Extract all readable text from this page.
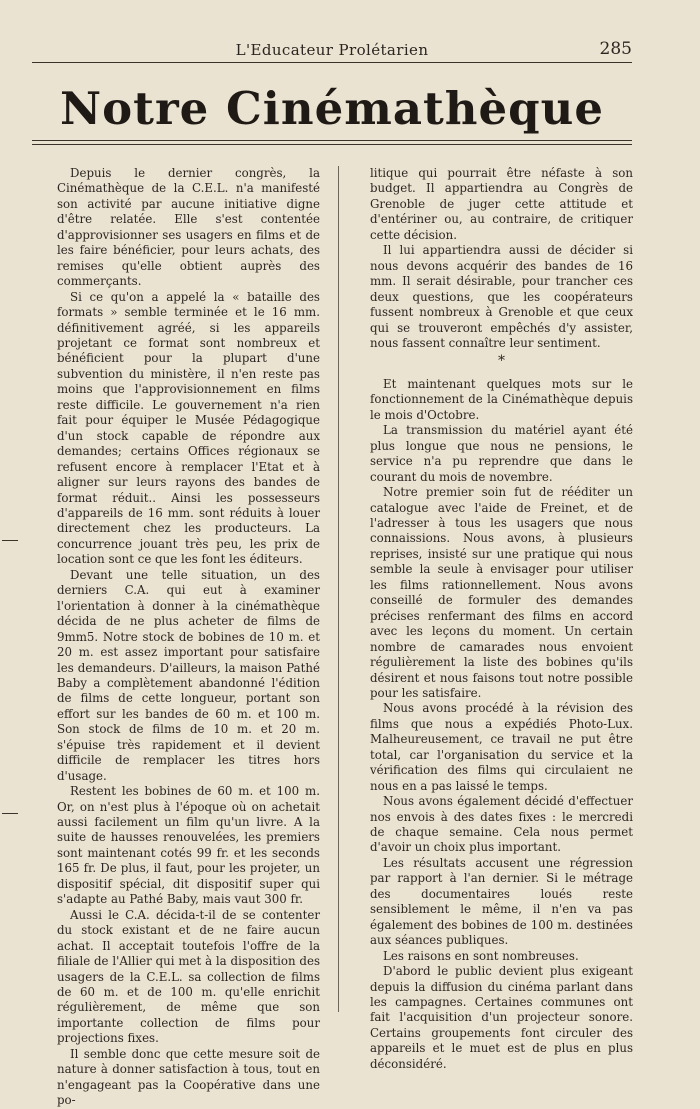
L'Educateur Prolétarien	285
Notre Cinémathèque

Depuis le dernier congrès, la Cinémathèque de la C.E.L. n'a manifesté son activité par aucune initiative digne d'être relatée. Elle s'est contentée d'approvisionner ses usagers en films et de les faire bénéficier, pour leurs achats, des remises qu'elle obtient auprès des commerçants.

Si ce qu'on a appelé la « bataille des formats » semble terminée et le 16 mm. définitivement agréé, si les appareils projetant ce format sont nombreux et bénéficient pour la plupart d'une subvention du ministère, il n'en reste pas moins que l'approvisionnement en films reste difficile. Le gouvernement n'a rien fait pour équiper le Musée Pédagogique d'un stock capable de répondre aux demandes; certains Offices régionaux se refusent encore à remplacer l'Etat et à aligner sur leurs rayons des bandes de format réduit.. Ainsi les possesseurs d'appareils de 16 mm. sont réduits à louer directement chez les producteurs. La concurrence jouant très peu, les prix de location sont ce que les font les éditeurs.

Devant une telle situation, un des derniers C.A. qui eut à examiner l'orientation à donner à la cinémathèque décida de ne plus acheter de films de 9mm5. Notre stock de bobines de 10 m. et 20 m. est assez important pour satisfaire les demandeurs. D'ailleurs, la maison Pathé Baby a complètement abandonné l'édition de films de cette longueur, portant son effort sur les bandes de 60 m. et 100 m. Son stock de films de 10 m. et 20 m. s'épuise très rapidement et il devient difficile de remplacer les titres hors d'usage.

Restent les bobines de 60 m. et 100 m. Or, on n'est plus à l'époque où on achetait aussi facilement un film qu'un livre. A la suite de hausses renouvelées, les premiers sont maintenant cotés 99 fr. et les seconds 165 fr. De plus, il faut, pour les projeter, un dispositif spécial, dit dispositif super qui s'adapte au Pathé Baby, mais vaut 300 fr.

Aussi le C.A. décida-t-il de se contenter du stock existant et de ne faire aucun achat. Il acceptait toutefois l'offre de la filiale de l'Allier qui met à la disposition des usagers de la C.E.L. sa collection de films de 60 m. et de 100 m. qu'elle enrichit régulièrement, de même que son importante collection de films pour projections fixes.

Il semble donc que cette mesure soit de nature à donner satisfaction à tous, tout en n'engageant pas la Coopérative dans une po-

litique qui pourrait être néfaste à son budget. Il appartiendra au Congrès de Grenoble de juger cette attitude et d'entériner ou, au contraire, de critiquer cette décision.

Il lui appartiendra aussi de décider si nous devons acquérir des bandes de 16 mm. Il serait désirable, pour trancher ces deux questions, que les coopérateurs fussent nombreux à Grenoble et que ceux qui se trouveront empêchés d'y assister, nous fassent connaître leur sentiment.

*

Et maintenant quelques mots sur le fonctionnement de la Cinémathèque depuis le mois d'Octobre.

La transmission du matériel ayant été plus longue que nous ne pensions, le service n'a pu reprendre que dans le courant du mois de novembre.

Notre premier soin fut de rééditer un catalogue avec l'aide de Freinet, et de l'adresser à tous les usagers que nous connaissions. Nous avons, à plusieurs reprises, insisté sur une pratique qui nous semble la seule à envisager pour utiliser les films rationnellement. Nous avons conseillé de formuler des demandes précises renfermant des films en accord avec les leçons du moment. Un certain nombre de camarades nous envoient régulièrement la liste des bobines qu'ils désirent et nous faisons tout notre possible pour les satisfaire.

Nous avons procédé à la révision des films que nous a expédiés Photo-Lux. Malheureusement, ce travail ne put être total, car l'organisation du service et la vérification des films qui circulaient ne nous en a pas laissé le temps.

Nous avons également décidé d'effectuer nos envois à des dates fixes : le mercredi de chaque semaine. Cela nous permet d'avoir un choix plus important.

Les résultats accusent une régression par rapport à l'an dernier. Si le métrage des documentaires loués reste sensiblement le même, il n'en va pas également des bobines de 100 m. destinées aux séances publiques.

Les raisons en sont nombreuses.

D'abord le public devient plus exigeant depuis la diffusion du cinéma parlant dans les campagnes. Certaines communes ont fait l'acquisition d'un projecteur sonore. Certains groupements font circuler des appareils et le muet est de plus en plus déconsidéré.
